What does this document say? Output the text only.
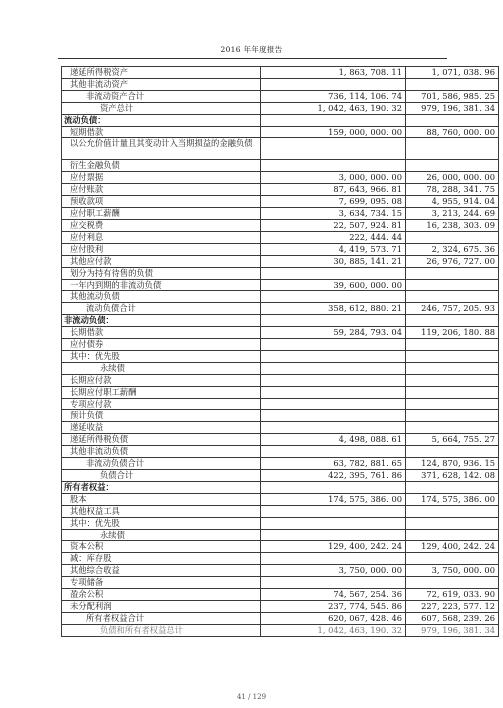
2016 年年度报告
递延所得税资产	1, 863, 708. 11	1, 071, 038. 96
其他非流动资产		
非流动资产合计	736, 114, 106. 74	701, 586, 985. 25
资产总计	1, 042, 463, 190. 32	979, 196, 381. 34
流动负债：		
短期借款	159, 000, 000. 00	88, 760, 000. 00
以公允价值计量且其变动计入当期损益的金融负债		
衍生金融负债		
应付票据	3, 000, 000. 00	26, 000, 000. 00
应付账款	87, 643, 966. 81	78, 288, 341. 75
预收款项	7, 699, 095. 08	4, 955, 914. 04
应付职工薪酬	3, 634, 734. 15	3, 213, 244. 69
应交税费	22, 507, 924. 81	16, 238, 303. 09
应付利息	222, 444. 44	
应付股利	4, 419, 573. 71	2, 324, 675. 36
其他应付款	30, 885, 141. 21	26, 976, 727. 00
划分为持有待售的负债		
一年内到期的非流动负债	39, 600, 000. 00	
其他流动负债		
流动负债合计	358, 612, 880. 21	246, 757, 205. 93
非流动负债：		
长期借款	59, 284, 793. 04	119, 206, 180. 88
应付债券		
其中：优先股		
永续债		
长期应付款		
长期应付职工薪酬		
专项应付款		
预计负债		
递延收益		
递延所得税负债	4, 498, 088. 61	5, 664, 755. 27
其他非流动负债		
非流动负债合计	63, 782, 881. 65	124, 870, 936. 15
负债合计	422, 395, 761. 86	371, 628, 142. 08
所有者权益：		
股本	174, 575, 386. 00	174, 575, 386. 00
其他权益工具		
其中：优先股		
永续债		
资本公积	129, 400, 242. 24	129, 400, 242. 24
减：库存股		
其他综合收益	3, 750, 000. 00	3, 750, 000. 00
专项储备		
盈余公积	74, 567, 254. 36	72, 619, 033. 90
未分配利润	237, 774, 545. 86	227, 223, 577. 12
所有者权益合计	620, 067, 428. 46	607, 568, 239. 26
负债和所有者权益总计	1, 042, 463, 190. 32	979, 196, 381. 34
41 / 129
